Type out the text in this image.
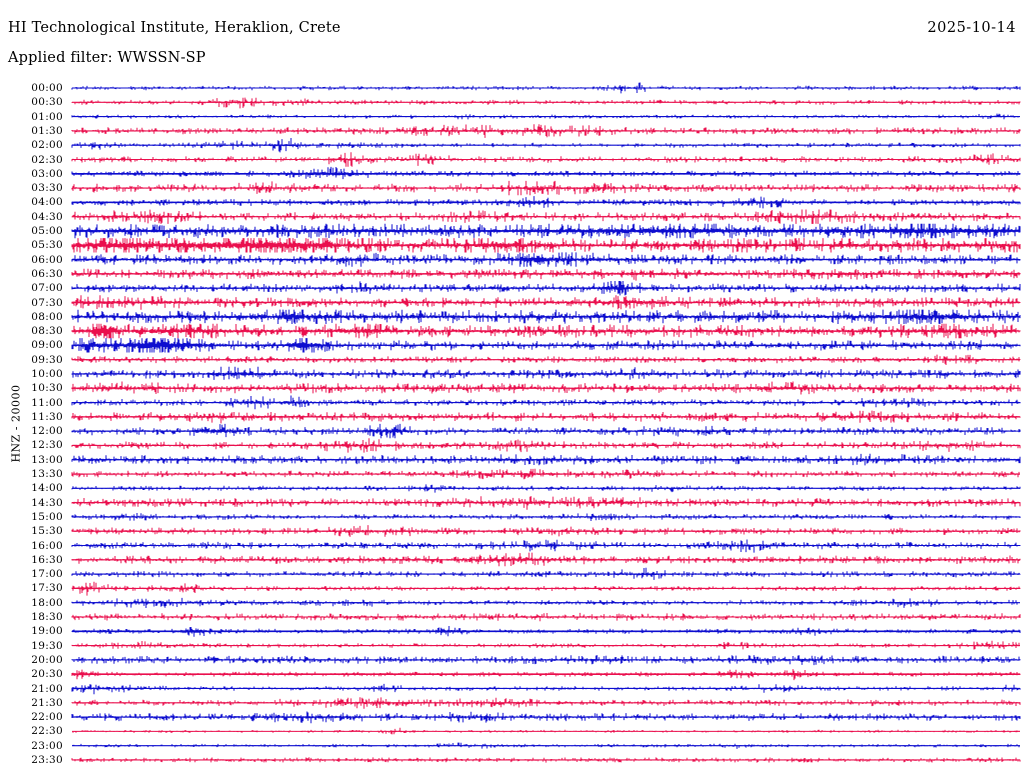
HI Technological Institute, Heraklion, Crete	2025-10-14
Applied filter: WWSSN-SP
HNZ - 20000
00:00
00:30
01:00
01:30
02:00
02:30
03:00
03:30
04:00
04:30
05:00
05:30
06:00
06:30
07:00
07:30
08:00
08:30
09:00
09:30
10:00
10:30
11:00
11:30
12:00
12:30
13:00
13:30
14:00
14:30
15:00
15:30
16:00
16:30
17:00
17:30
18:00
18:30
19:00
19:30
20:00
20:30
21:00
21:30
22:00
22:30
23:00
23:30
